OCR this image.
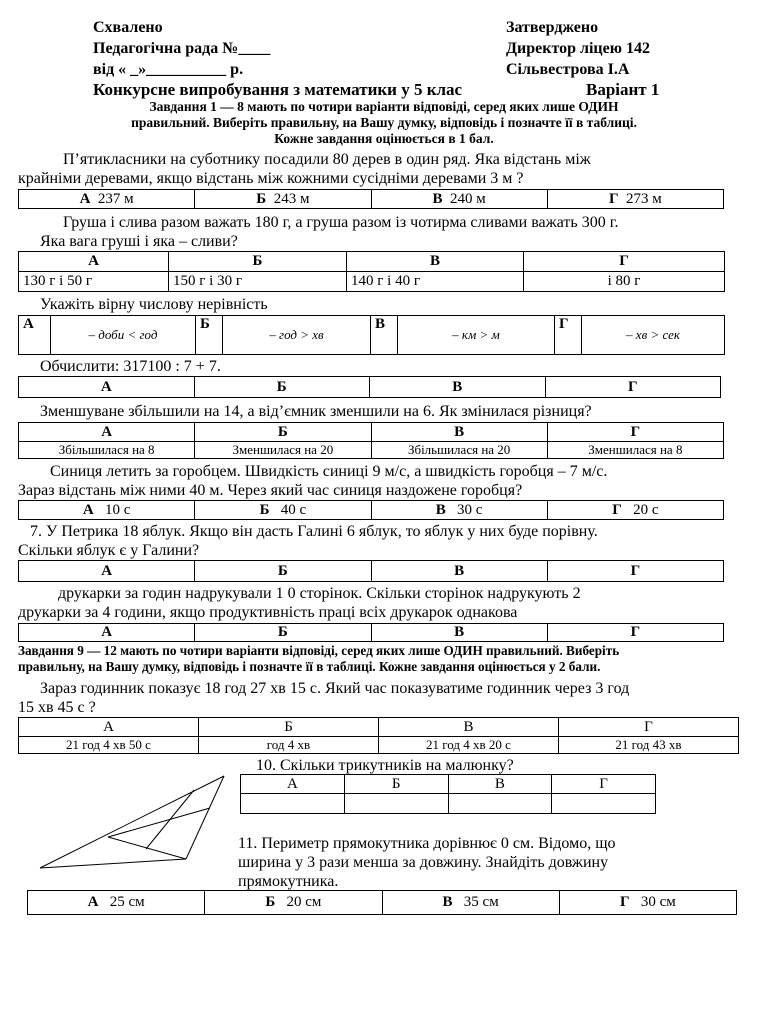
Схвалено
Педагогічна рада №____
від « _»__________ р.
Затверджено
Директор ліцею 142
Сільвестрова І.А
Конкурсне випробування з математики у 5 клас	Варіант 1
Завдання 1 — 8 мають по чотири варіанти відповіді, серед яких лише ОДИН
правильний. Виберіть правильну, на Вашу думку, відповідь і позначте її в таблиці.
Кожне завдання оцінюється в 1 бал.
П’ятикласники на суботнику посадили 80 дерев в один ряд. Яка відстань між
крайніми деревами, якщо відстань між кожними сусідніми деревами 3 м ?
А 237 м	Б 243 м	В 240 м	Г 273 м
Груша і слива разом важать 180 г, а груша разом із чотирма сливами важать 300 г.
Яка вага груші і яка – сливи?
А	Б	В	Г
130 г і 50 г	150 г і 30 г	140 г і 40 г	і 80 г
Укажіть вірну числову нерівність
А	– доби < год	Б	– год > хв	В	– км > м	Г	– хв > сек
Обчислити: 317100 : 7 + 7.
А	Б	В	Г
Зменшуване збільшили на 14, а від’ємник зменшили на 6. Як змінилася різниця?
А	Б	В	Г
Збільшилася на 8	Зменшилася на 20	Збільшилася на 20	Зменшилася на 8
Синиця летить за горобцем. Швидкість синиці 9 м/с, а швидкість горобця – 7 м/с.
Зараз відстань між ними 40 м. Через який час синиця наздожене горобця?
А 10 с	Б 40 с	В 30 с	Г 20 с
7. У Петрика 18 яблук. Якщо він дасть Галині 6 яблук, то яблук у них буде порівну.
Скільки яблук є у Галини?
А	Б	В	Г
друкарки за годин надрукували 1 0 сторінок. Скільки сторінок надрукують 2
друкарки за 4 години, якщо продуктивність праці всіх друкарок однакова
А	Б	В	Г
Завдання 9 — 12 мають по чотири варіанти відповіді, серед яких лише ОДИН правильний. Виберіть
правильну, на Вашу думку, відповідь і позначте її в таблиці. Кожне завдання оцінюється у 2 бали.
Зараз годинник показує 18 год 27 хв 15 с. Який час показуватиме годинник через 3 год
15 хв 45 с ?
А	Б	В	Г
21 год 4 хв 50 с	год 4 хв	21 год 4 хв 20 с	21 год 43 хв
10. Скільки трикутників на малюнку?
А	Б	В	Г

11. Периметр прямокутника дорівнює 0 см. Відомо, що
ширина у 3 рази менша за довжину. Знайдіть довжину
прямокутника.
А 25 см	Б 20 см	В 35 см	Г 30 см
